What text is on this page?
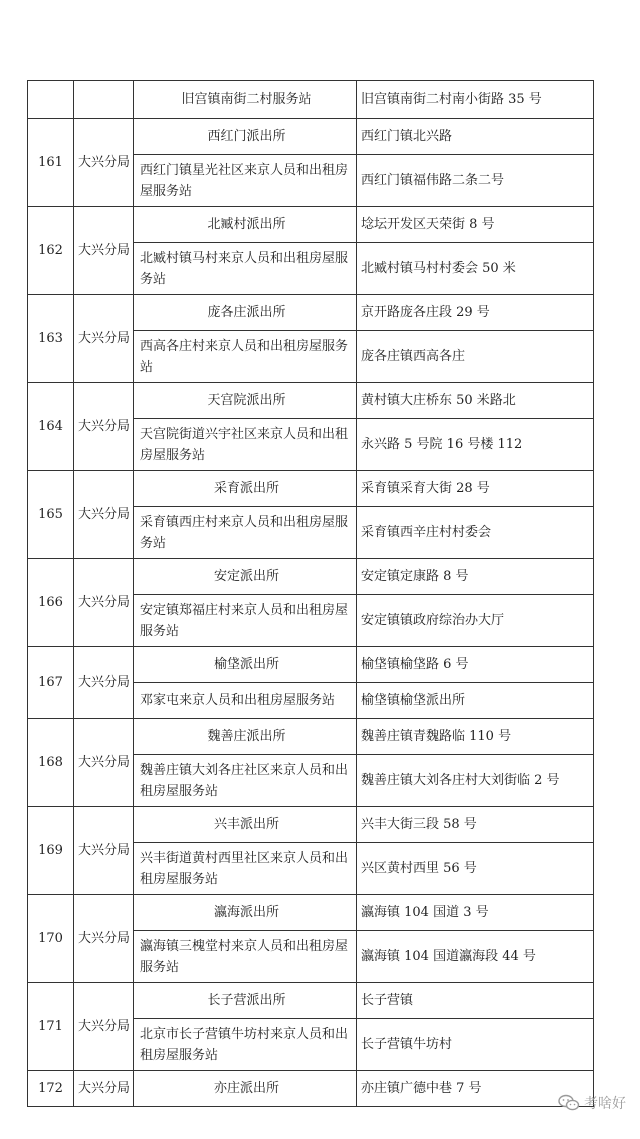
		旧宫镇南街二村服务站	旧宫镇南街二村南小街路 35 号
161	大兴分局	西红门派出所	西红门镇北兴路
		西红门镇星光社区来京人员和出租房屋服务站	西红门镇福伟路二条二号
162	大兴分局	北臧村派出所	埝坛开发区天荣街 8 号
		北臧村镇马村来京人员和出租房屋服务站	北臧村镇马村村委会 50 米
163	大兴分局	庞各庄派出所	京开路庞各庄段 29 号
		西高各庄村来京人员和出租房屋服务站	庞各庄镇西高各庄
164	大兴分局	天宫院派出所	黄村镇大庄桥东 50 米路北
		天宫院街道兴宇社区来京人员和出租房屋服务站	永兴路 5 号院 16 号楼 112
165	大兴分局	采育派出所	采育镇采育大街 28 号
		采育镇西庄村来京人员和出租房屋服务站	采育镇西辛庄村村委会
166	大兴分局	安定派出所	安定镇定康路 8 号
		安定镇郑福庄村来京人员和出租房屋服务站	安定镇镇政府综治办大厅
167	大兴分局	榆垡派出所	榆垡镇榆垡路 6 号
		邓家屯来京人员和出租房屋服务站	榆垡镇榆垡派出所
168	大兴分局	魏善庄派出所	魏善庄镇青魏路临 110 号
		魏善庄镇大刘各庄社区来京人员和出租房屋服务站	魏善庄镇大刘各庄村大刘街临 2 号
169	大兴分局	兴丰派出所	兴丰大街三段 58 号
		兴丰街道黄村西里社区来京人员和出租房屋服务站	兴区黄村西里 56 号
170	大兴分局	瀛海派出所	瀛海镇 104 国道 3 号
		瀛海镇三槐堂村来京人员和出租房屋服务站	瀛海镇 104 国道瀛海段 44 号
171	大兴分局	长子营派出所	长子营镇
		北京市长子营镇牛坊村来京人员和出租房屋服务站	长子营镇牛坊村
172	大兴分局	亦庄派出所	亦庄镇广德中巷 7 号
考啥好
